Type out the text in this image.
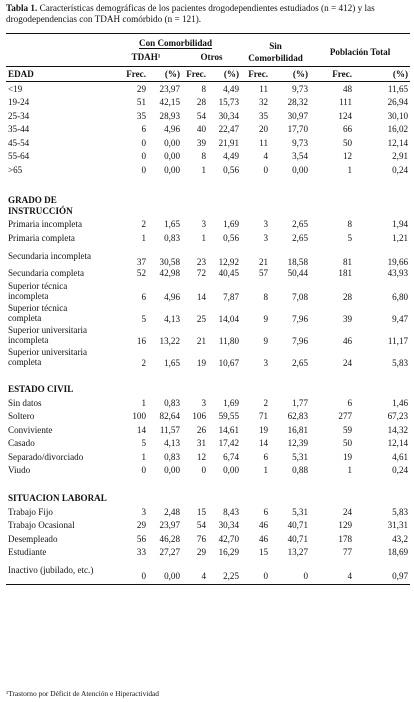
Tabla 1. Características demográficas de los pacientes drogodependientes estudiados (n = 412) y las drogodependencias con TDAH comórbido (n = 121).
	Con Comorbilidad				Sin Comorbilidad		Población Total	
	TDAH¹		Otros					
EDAD	Frec.	(%)	Frec.	(%)	Frec.	(%)	Frec.	(%)
<19	29	23,97	8	4,49	11	9,73	48	11,65
19-24	51	42,15	28	15,73	32	28,32	111	26,94
25-34	35	28,93	54	30,34	35	30,97	124	30,10
35-44	6	4,96	40	22,47	20	17,70	66	16,02
45-54	0	0,00	39	21,91	11	9,73	50	12,14
55-64	0	0,00	8	4,49	4	3,54	12	2,91
>65	0	0,00	1	0,56	0	0,00	1	0,24

GRADO DE INSTRUCCIÓN								
Primaria incompleta	2	1,65	3	1,69	3	2,65	8	1,94
Primaria completa	1	0,83	1	0,56	3	2,65	5	1,21
Secundaria incompleta	37	30,58	23	12,92	21	18,58	81	19,66
Secundaria completa	52	42,98	72	40,45	57	50,44	181	43,93
Superior técnica incompleta	6	4,96	14	7,87	8	7,08	28	6,80
Superior técnica completa	5	4,13	25	14,04	9	7,96	39	9,47
Superior universitaria incompleta	16	13,22	21	11,80	9	7,96	46	11,17
Superior universitaria completa	2	1,65	19	10,67	3	2,65	24	5,83

ESTADO CIVIL								
Sin datos	1	0,83	3	1,69	2	1,77	6	1,46
Soltero	100	82,64	106	59,55	71	62,83	277	67,23
Conviviente	14	11,57	26	14,61	19	16,81	59	14,32
Casado	5	4,13	31	17,42	14	12,39	50	12,14
Separado/divorciado	1	0,83	12	6,74	6	5,31	19	4,61
Viudo	0	0,00	0	0,00	1	0,88	1	0,24

SITUACION LABORAL								
Trabajo Fijo	3	2,48	15	8,43	6	5,31	24	5,83
Trabajo Ocasional	29	23,97	54	30,34	46	40,71	129	31,31
Desempleado	56	46,28	76	42,70	46	40,71	178	43,2
Estudiante	33	27,27	29	16,29	15	13,27	77	18,69
Inactivo (jubilado, etc.)	0	0,00	4	2,25	0	0	4	0,97
¹Trastorno por Déficit de Atención e Hiperactividad
